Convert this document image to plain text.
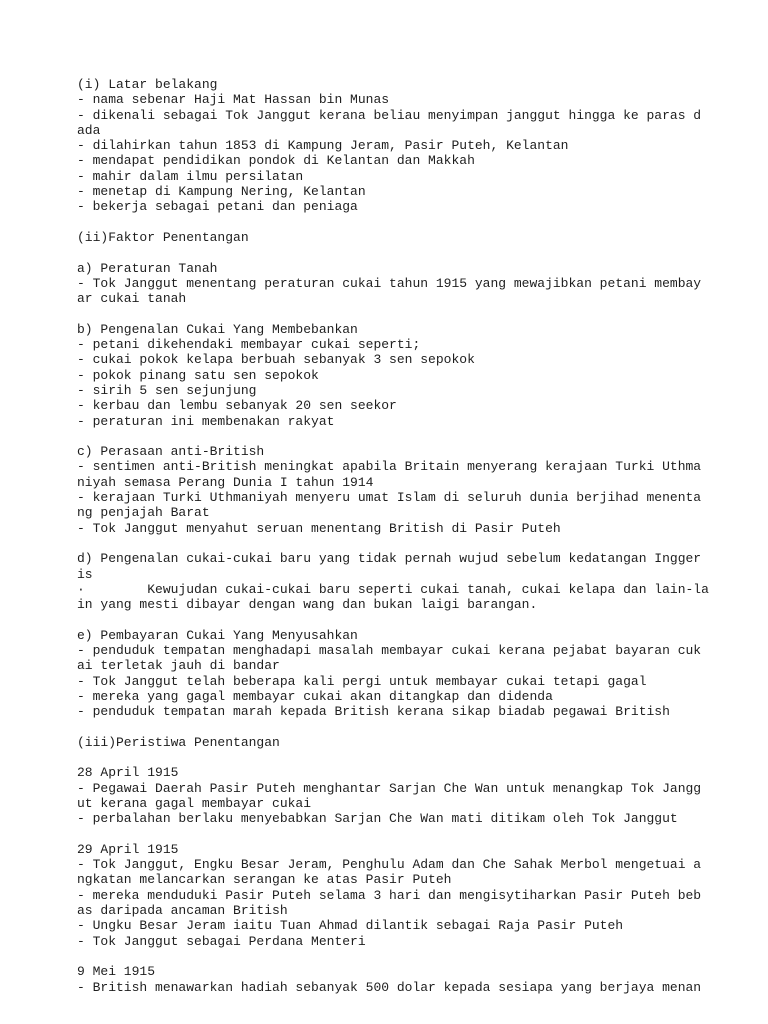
(i) Latar belakang
- nama sebenar Haji Mat Hassan bin Munas
- dikenali sebagai Tok Janggut kerana beliau menyimpan janggut hingga ke paras d
ada
- dilahirkan tahun 1853 di Kampung Jeram, Pasir Puteh, Kelantan
- mendapat pendidikan pondok di Kelantan dan Makkah
- mahir dalam ilmu persilatan
- menetap di Kampung Nering, Kelantan
- bekerja sebagai petani dan peniaga
(ii)Faktor Penentangan
a) Peraturan Tanah
- Tok Janggut menentang peraturan cukai tahun 1915 yang mewajibkan petani membay
ar cukai tanah
b) Pengenalan Cukai Yang Membebankan
- petani dikehendaki membayar cukai seperti;
- cukai pokok kelapa berbuah sebanyak 3 sen sepokok
- pokok pinang satu sen sepokok
- sirih 5 sen sejunjung
- kerbau dan lembu sebanyak 20 sen seekor
- peraturan ini membenakan rakyat
c) Perasaan anti-British
- sentimen anti-British meningkat apabila Britain menyerang kerajaan Turki Uthma
niyah semasa Perang Dunia I tahun 1914
- kerajaan Turki Uthmaniyah menyeru umat Islam di seluruh dunia berjihad menenta
ng penjajah Barat
- Tok Janggut menyahut seruan menentang British di Pasir Puteh
d) Pengenalan cukai-cukai baru yang tidak pernah wujud sebelum kedatangan Ingger
is
·        Kewujudan cukai-cukai baru seperti cukai tanah, cukai kelapa dan lain-la
in yang mesti dibayar dengan wang dan bukan laigi barangan.
e) Pembayaran Cukai Yang Menyusahkan
- penduduk tempatan menghadapi masalah membayar cukai kerana pejabat bayaran cuk
ai terletak jauh di bandar
- Tok Janggut telah beberapa kali pergi untuk membayar cukai tetapi gagal
- mereka yang gagal membayar cukai akan ditangkap dan didenda
- penduduk tempatan marah kepada British kerana sikap biadab pegawai British
(iii)Peristiwa Penentangan
28 April 1915
- Pegawai Daerah Pasir Puteh menghantar Sarjan Che Wan untuk menangkap Tok Jangg
ut kerana gagal membayar cukai
- perbalahan berlaku menyebabkan Sarjan Che Wan mati ditikam oleh Tok Janggut
29 April 1915
- Tok Janggut, Engku Besar Jeram, Penghulu Adam dan Che Sahak Merbol mengetuai a
ngkatan melancarkan serangan ke atas Pasir Puteh
- mereka menduduki Pasir Puteh selama 3 hari dan mengisytiharkan Pasir Puteh beb
as daripada ancaman British
- Ungku Besar Jeram iaitu Tuan Ahmad dilantik sebagai Raja Pasir Puteh
- Tok Janggut sebagai Perdana Menteri
9 Mei 1915
- British menawarkan hadiah sebanyak 500 dolar kepada sesiapa yang berjaya menan
